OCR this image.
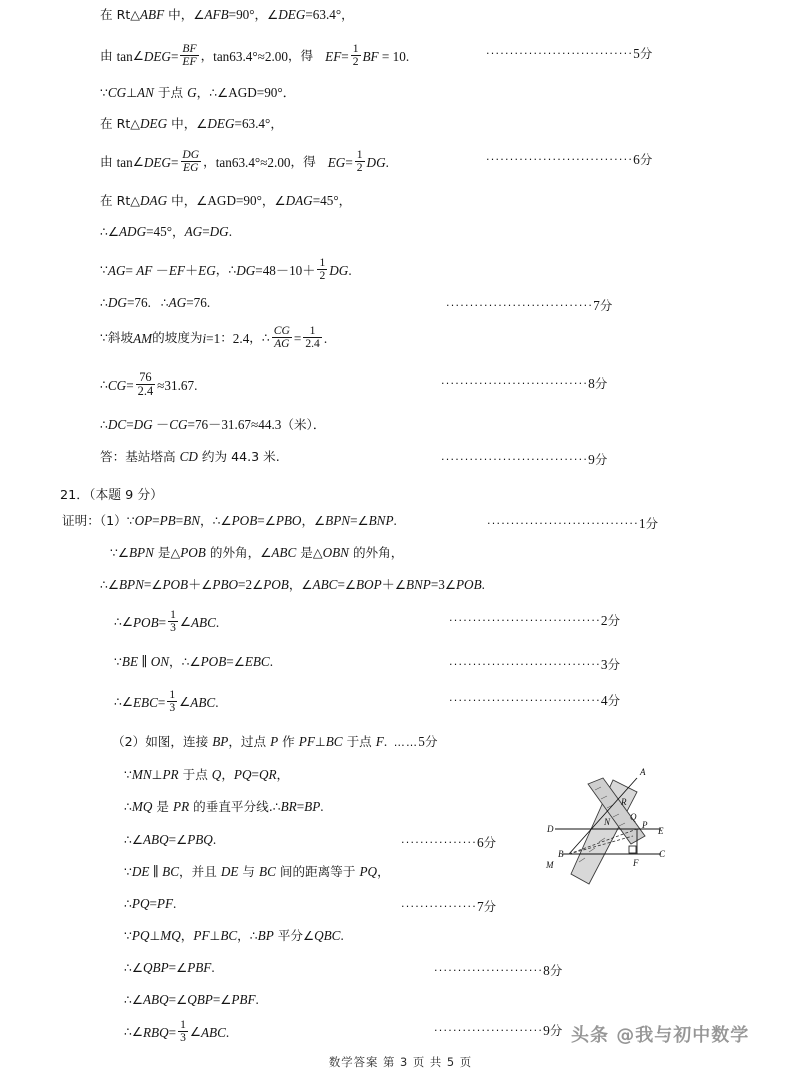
在 Rt△ABF 中，∠AFB=90°，∠DEG=63.4°，
由 tan ∠ DEG = $\frac{BF}{EF}$ ， tan63.4°≈2.00 ，得 EF = $\frac{1}{2}$ BF = 10.
∵CG⊥AN 于点 G，∴∠AGD=90°．
在 Rt△DEG 中，∠DEG=63.4°，
由 tan ∠ DEG = $\frac{DG}{EG}$ ， tan63.4°≈2.00 ，得 EG = $\frac{1}{2}$ DG .
在 Rt△DAG 中，∠AGD=90°，∠DAG=45°，
∴∠ADG=45°，AG=DG.
∵ AG = AF － EF ＋ EG ， ∴ DG $=48-10+ \frac{1}{2}$ DG .
∴DG=76.   ∴AG=76.
∵ 斜坡 AM 的坡度为 i =1 ： 2.4 ， ∴ $\frac{CG}{AG} = \frac{1}{2.4}$ .
∴ CG = $\frac{76}{2.4} \approx 31.67$.
∴DC=DG －CG=76－31.67≈44.3（米）．
答：基站塔高 CD 约为 44.3 米.
·······························5分
·······························6分
·······························7分
·······························8分
·······························9分
21．（本题 9 分）
证明：（1）∵OP=PB=BN，∴∠POB=∠PBO，∠BPN=∠BNP.
∵∠BPN 是△POB 的外角，∠ABC 是△OBN 的外角，
∴∠BPN=∠POB＋∠PBO=2∠POB，∠ABC=∠BOP＋∠BNP=3∠POB.
∴∠ POB = $\frac{1}{3}$ ∠ ABC .
∵BE ∥ ON，∴∠POB=∠EBC.
∴∠ EBC = $\frac{1}{3}$ ∠ ABC .
（2）如图，连接 BP，过点 P 作 PF⊥BC 于点 F.  ……5分
∵MN⊥PR 于点 Q，PQ=QR，
∴MQ 是 PR 的垂直平分线.∴BR=BP.
∴∠ABQ=∠PBQ.
∵DE ∥ BC，并且 DE 与 BC 间的距离等于 PQ，
∴PQ=PF.
∵PQ⊥MQ，PF⊥BC，∴BP 平分∠QBC.
∴∠QBP=∠PBF.
∴∠ABQ=∠QBP=∠PBF.
∴∠ RBQ = $\frac{1}{3}$ ∠ ABC .
································1分
································2分
································3分
································4分
················6分
················7分
·······················8分
·······················9分
A
R
Q
P
E
D
N
B	C
M	F
数学答案 第 3 页 共 5 页
头条 @我与初中数学
